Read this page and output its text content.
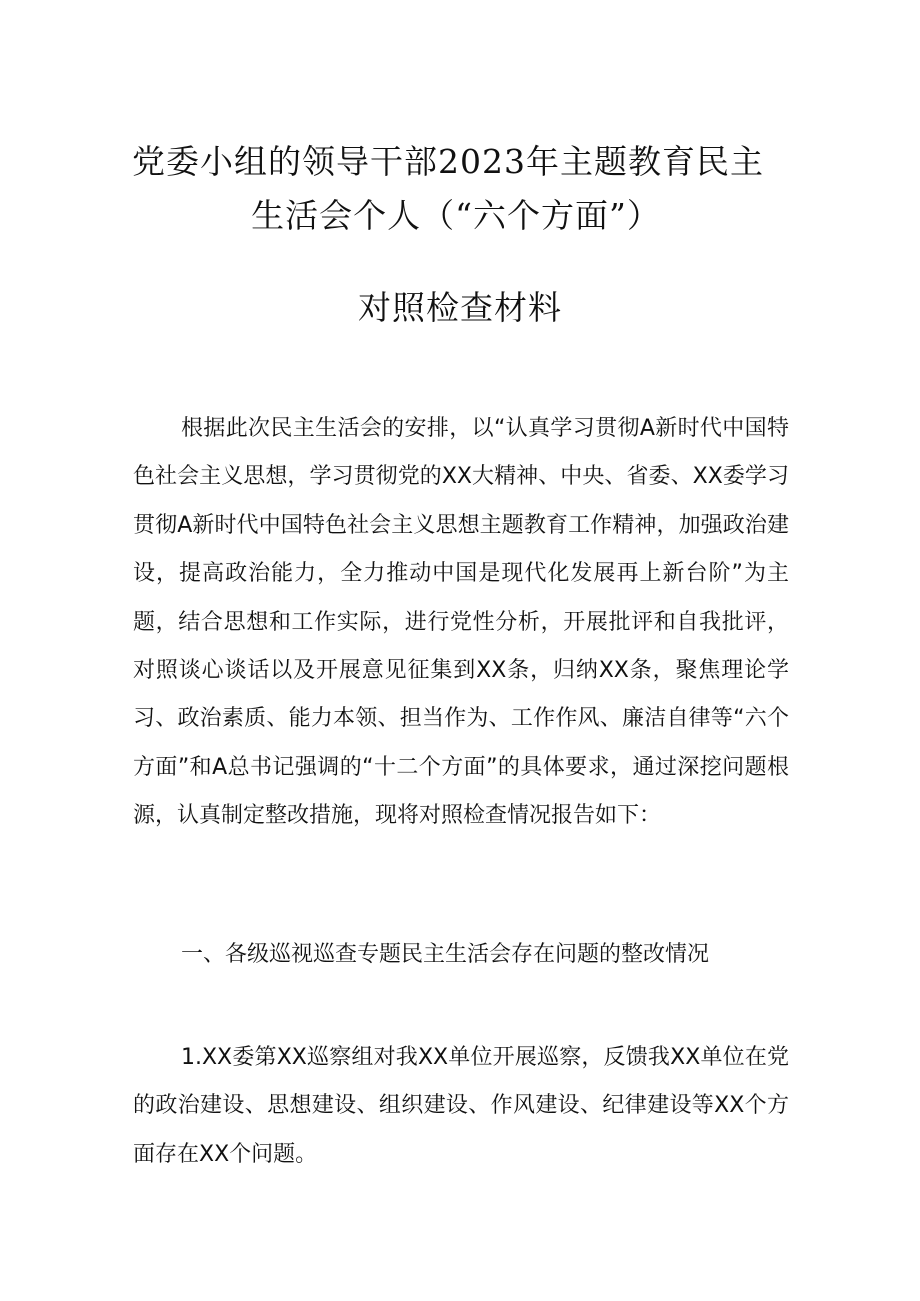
党委小组的领导干部2023年主题教育民主
生活会个人（“六个方面”）
对照检查材料

根据此次民主生活会的安排，以“认真学习贯彻A新时代中国特色社会主义思想，学习贯彻党的XX大精神、中央、省委、XX委学习贯彻A新时代中国特色社会主义思想主题教育工作精神，加强政治建设，提高政治能力，全力推动中国是现代化发展再上新台阶”为主题，结合思想和工作实际，进行党性分析，开展批评和自我批评，对照谈心谈话以及开展意见征集到XX条，归纳XX条，聚焦理论学习、政治素质、能力本领、担当作为、工作作风、廉洁自律等“六个方面”和A总书记强调的“十二个方面”的具体要求，通过深挖问题根源，认真制定整改措施，现将对照检查情况报告如下：

一、各级巡视巡查专题民主生活会存在问题的整改情况

1.XX委第XX巡察组对我XX单位开展巡察，反馈我XX单位在党的政治建设、思想建设、组织建设、作风建设、纪律建设等XX个方面存在XX个问题。
